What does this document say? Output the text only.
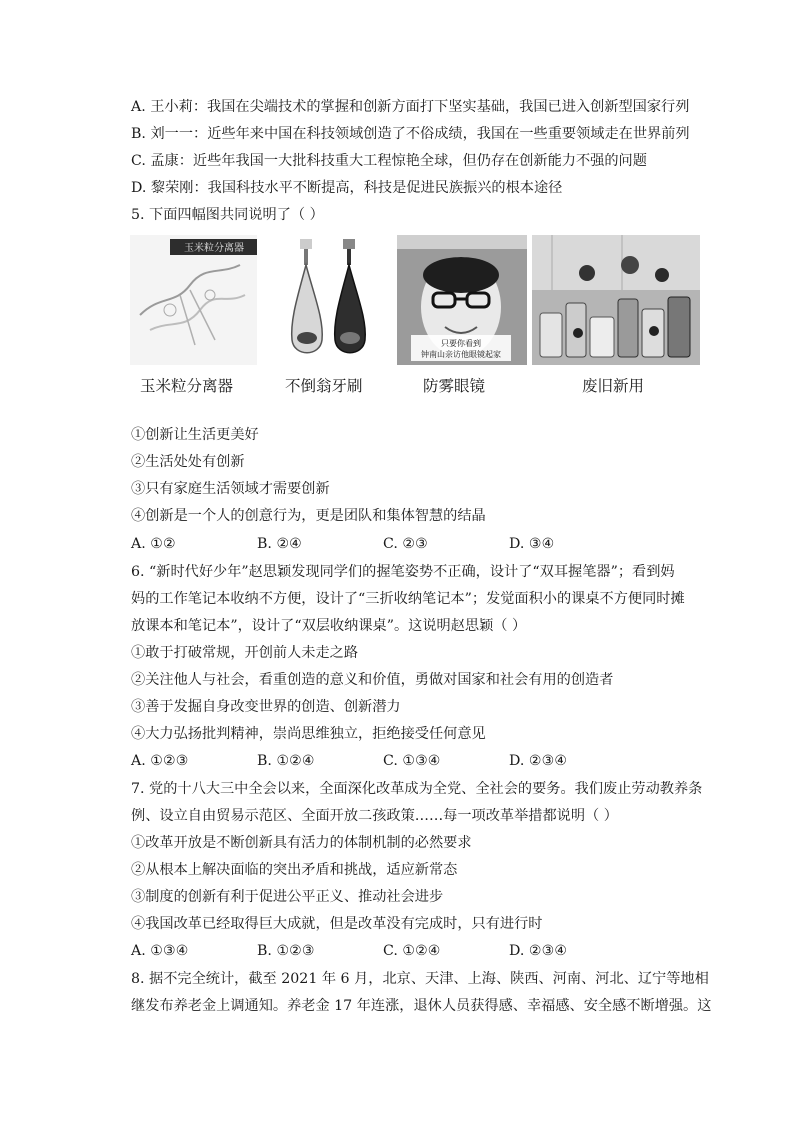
A. 王小莉：我国在尖端技术的掌握和创新方面打下坚实基础，我国已进入创新型国家行列
B. 刘一一：近些年来中国在科技领域创造了不俗成绩，我国在一些重要领域走在世界前列
C. 孟康：近些年我国一大批科技重大工程惊艳全球，但仍存在创新能力不强的问题
D. 黎荣刚：我国科技水平不断提高，科技是促进民族振兴的根本途径
5. 下面四幅图共同说明了（ ）
玉米粒分离器
玉米粒分离器	不倒翁牙刷
只要你看到
钟南山亲访他眼镜起家
防雾眼镜	废旧新用
①创新让生活更美好
②生活处处有创新
③只有家庭生活领域才需要创新
④创新是一个人的创意行为，更是团队和集体智慧的结晶
A. ①②	B. ②④	C. ②③	D. ③④
6. “新时代好少年”赵思颖发现同学们的握笔姿势不正确，设计了“双耳握笔器”；看到妈
妈的工作笔记本收纳不方便，设计了“三折收纳笔记本”；发觉面积小的课桌不方便同时摊
放课本和笔记本”，设计了“双层收纳课桌”。这说明赵思颖（ ）
①敢于打破常规，开创前人未走之路
②关注他人与社会，看重创造的意义和价值，勇做对国家和社会有用的创造者
③善于发掘自身改变世界的创造、创新潜力
④大力弘扬批判精神，崇尚思维独立，拒绝接受任何意见
A. ①②③	B. ①②④	C. ①③④	D. ②③④
7. 党的十八大三中全会以来，全面深化改革成为全党、全社会的要务。我们废止劳动教养条
例、设立自由贸易示范区、全面开放二孩政策……每一项改革举措都说明（ ）
①改革开放是不断创新具有活力的体制机制的必然要求
②从根本上解决面临的突出矛盾和挑战，适应新常态
③制度的创新有利于促进公平正义、推动社会进步
④我国改革已经取得巨大成就，但是改革没有完成时，只有进行时
A. ①③④	B. ①②③	C. ①②④	D. ②③④
8. 据不完全统计，截至 2021 年 6 月，北京、天津、上海、陕西、河南、河北、辽宁等地相
继发布养老金上调通知。养老金 17 年连涨，退休人员获得感、幸福感、安全感不断增强。这
